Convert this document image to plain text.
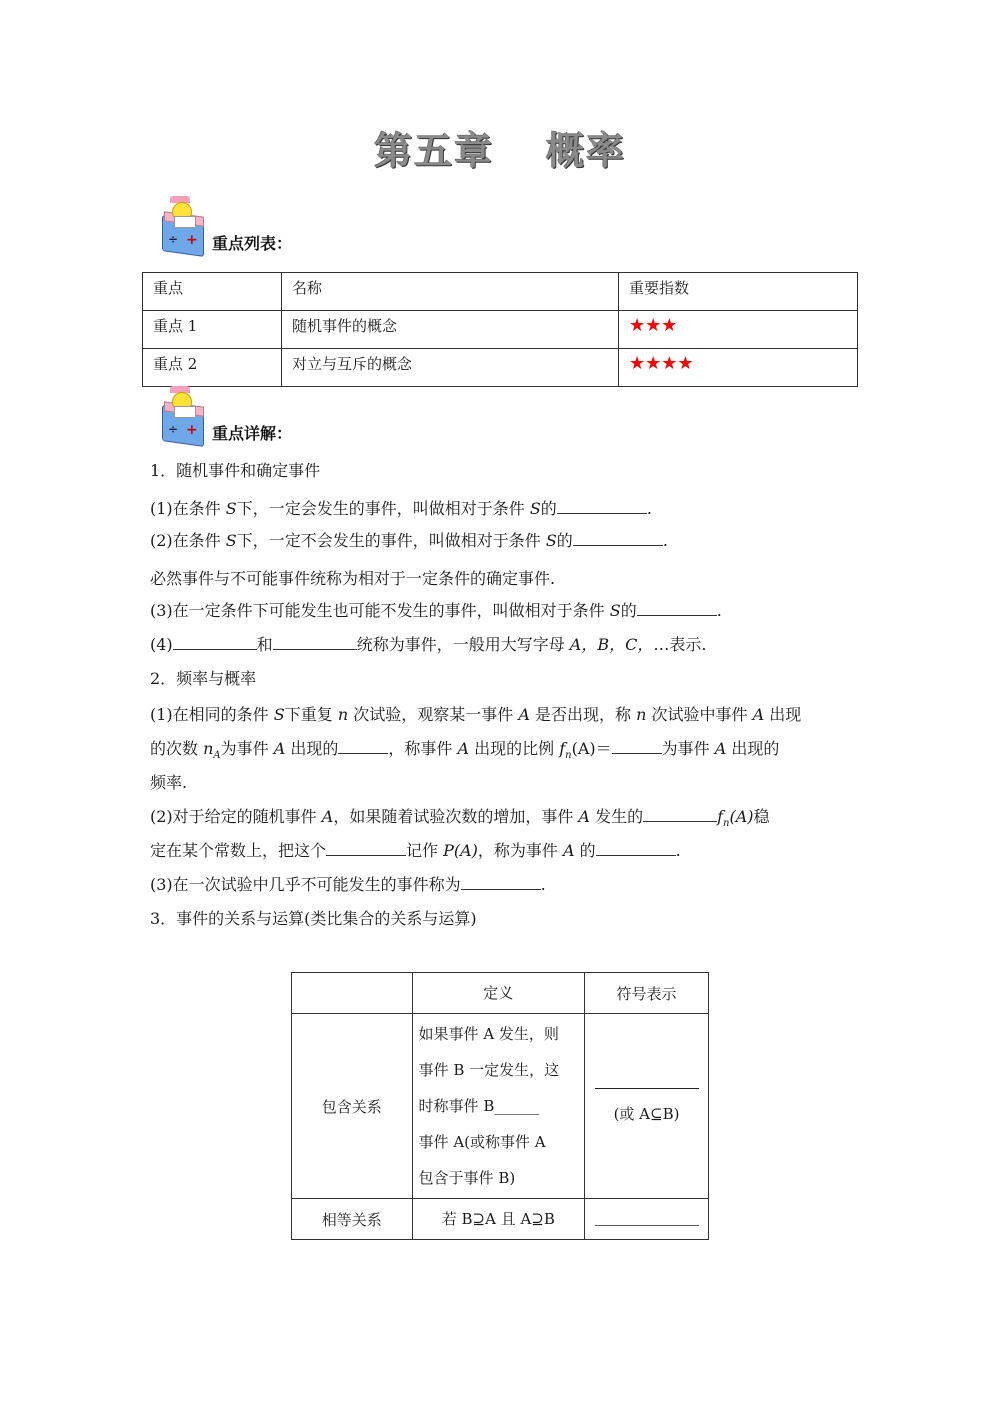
第五章 概率
÷ + 重点列表：
重点	名称	重要指数
重点 1	随机事件的概念	★★★
重点 2	对立与互斥的概念	★★★★
÷ + 重点详解：
1．随机事件和确定事件
(1)在条件 S下，一定会发生的事件，叫做相对于条件 S的	.
(2)在条件 S下，一定不会发生的事件，叫做相对于条件 S的	.
必然事件与不可能事件统称为相对于一定条件的确定事件.
(3)在一定条件下可能发生也可能不发生的事件，叫做相对于条件 S的	.
(4)	和	统称为事件，一般用大写字母 A，B，C，…表示.
2．频率与概率
(1)在相同的条件 S下重复 n 次试验，观察某一事件 A 是否出现，称 n 次试验中事件 A 出现
的次数 $n_A$为事件 A 出现的	，称事件 A 出现的比例 $f_n(A)=$	为事件 A 出现的
频率.
(2)对于给定的随机事件 A，如果随着试验次数的增加，事件 A 发生的	$f_n(A)$稳
定在某个常数上，把这个	记作 P(A)，称为事件 A 的	.
(3)在一次试验中几乎不可能发生的事件称为	.
3．事件的关系与运算(类比集合的关系与运算)
	定义	符号表示
包含关系	如果事件 A 发生，则
事件 B 一定发生，这
时称事件 B______
事件 A(或称事件 A
包含于事件 B)	(或 A⊆B)
相等关系	若 B⊇A 且 A⊇B	
